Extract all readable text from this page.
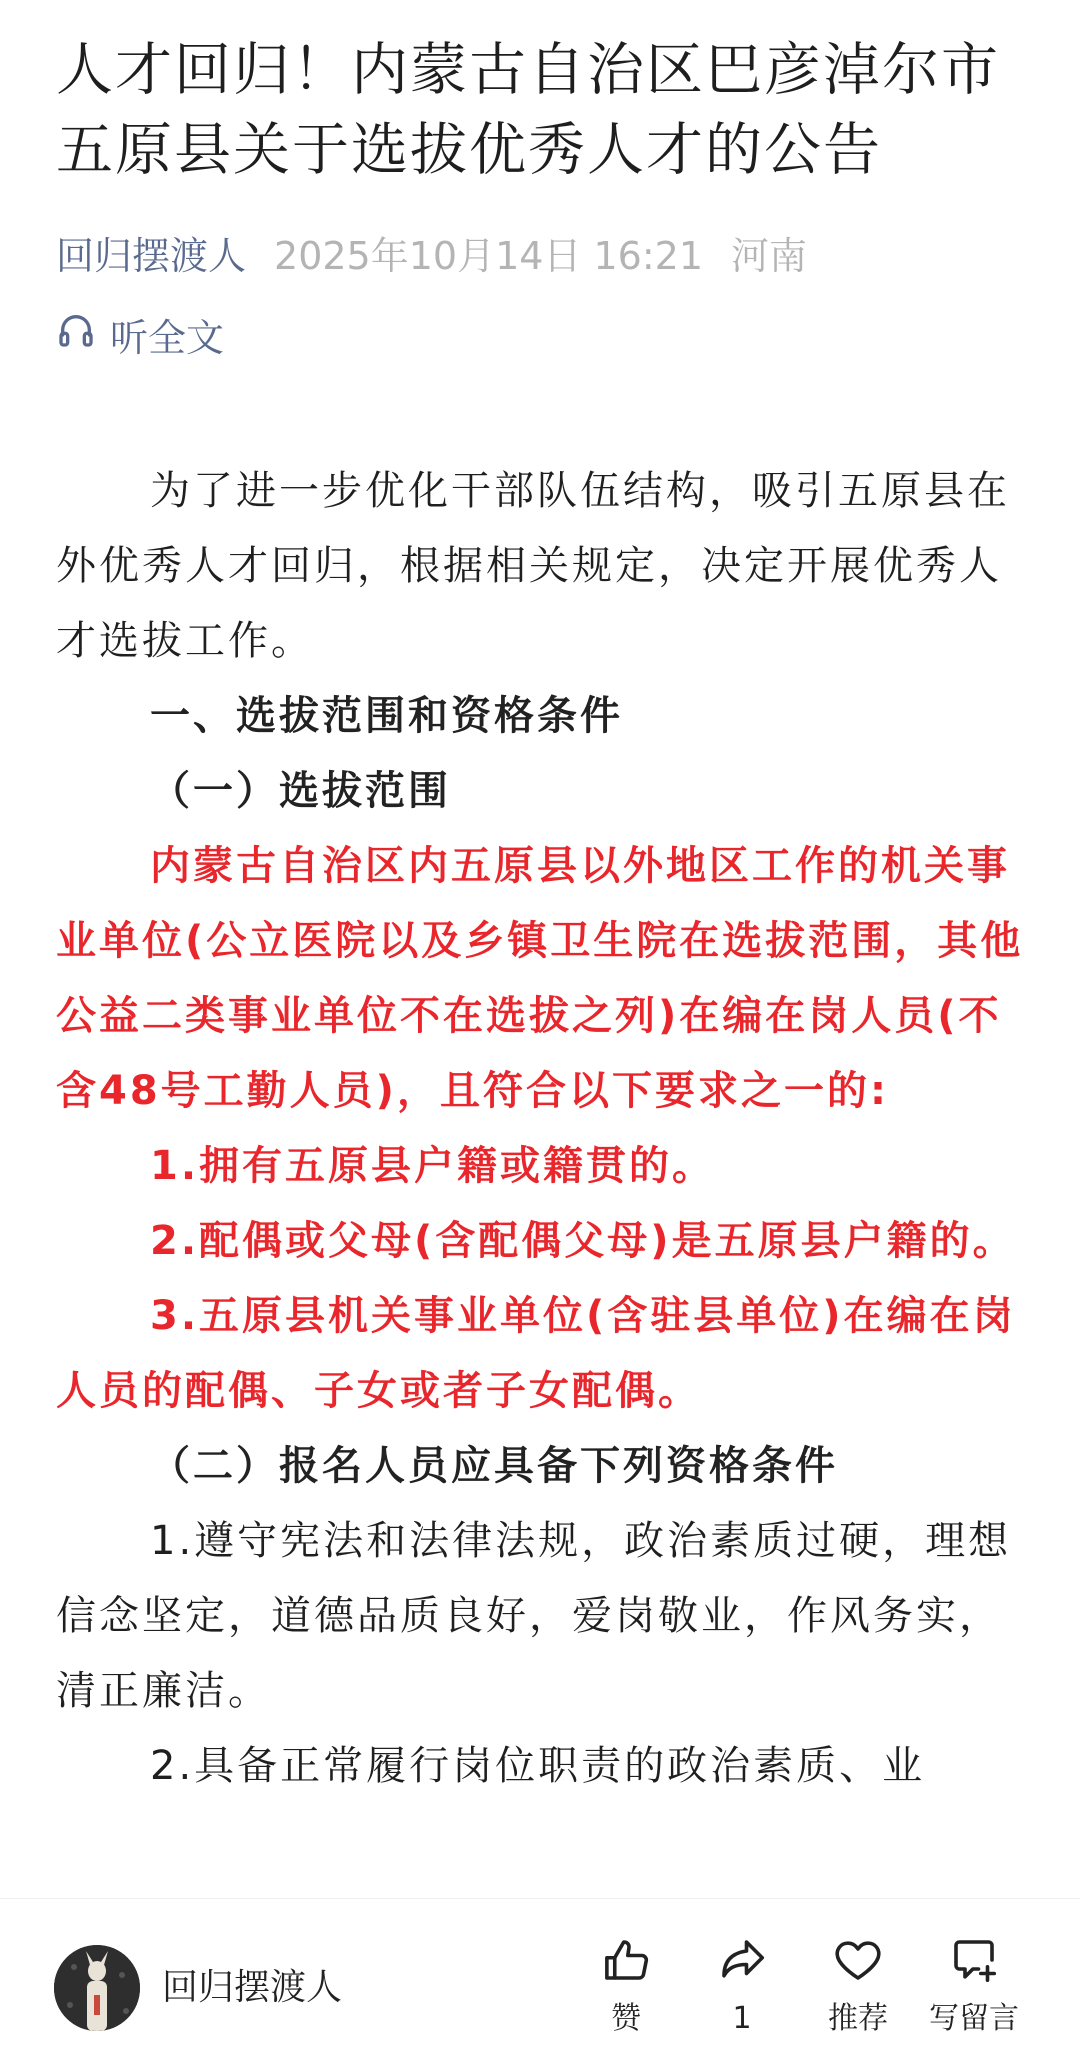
人才回归！内蒙古自治区巴彦淖尔市五原县关于选拔优秀人才的公告
回归摆渡人 2025年10月14日 16:21 河南
听全文

为了进一步优化干部队伍结构，吸引五原县在外优秀人才回归，根据相关规定，决定开展优秀人才选拔工作。

一、选拔范围和资格条件

（一）选拔范围

内蒙古自治区内五原县以外地区工作的机关事业单位(公立医院以及乡镇卫生院在选拔范围，其他公益二类事业单位不在选拔之列)在编在岗人员(不含48号工勤人员)，且符合以下要求之一的:

1.拥有五原县户籍或籍贯的。

2.配偶或父母(含配偶父母)是五原县户籍的。

3.五原县机关事业单位(含驻县单位)在编在岗人员的配偶、子女或者子女配偶。

（二）报名人员应具备下列资格条件

1.遵守宪法和法律法规，政治素质过硬，理想信念坚定，道德品质良好，爱岗敬业，作风务实，清正廉洁。

2.具备正常履行岗位职责的政治素质、业

回归摆渡人
赞	1	推荐	写留言
